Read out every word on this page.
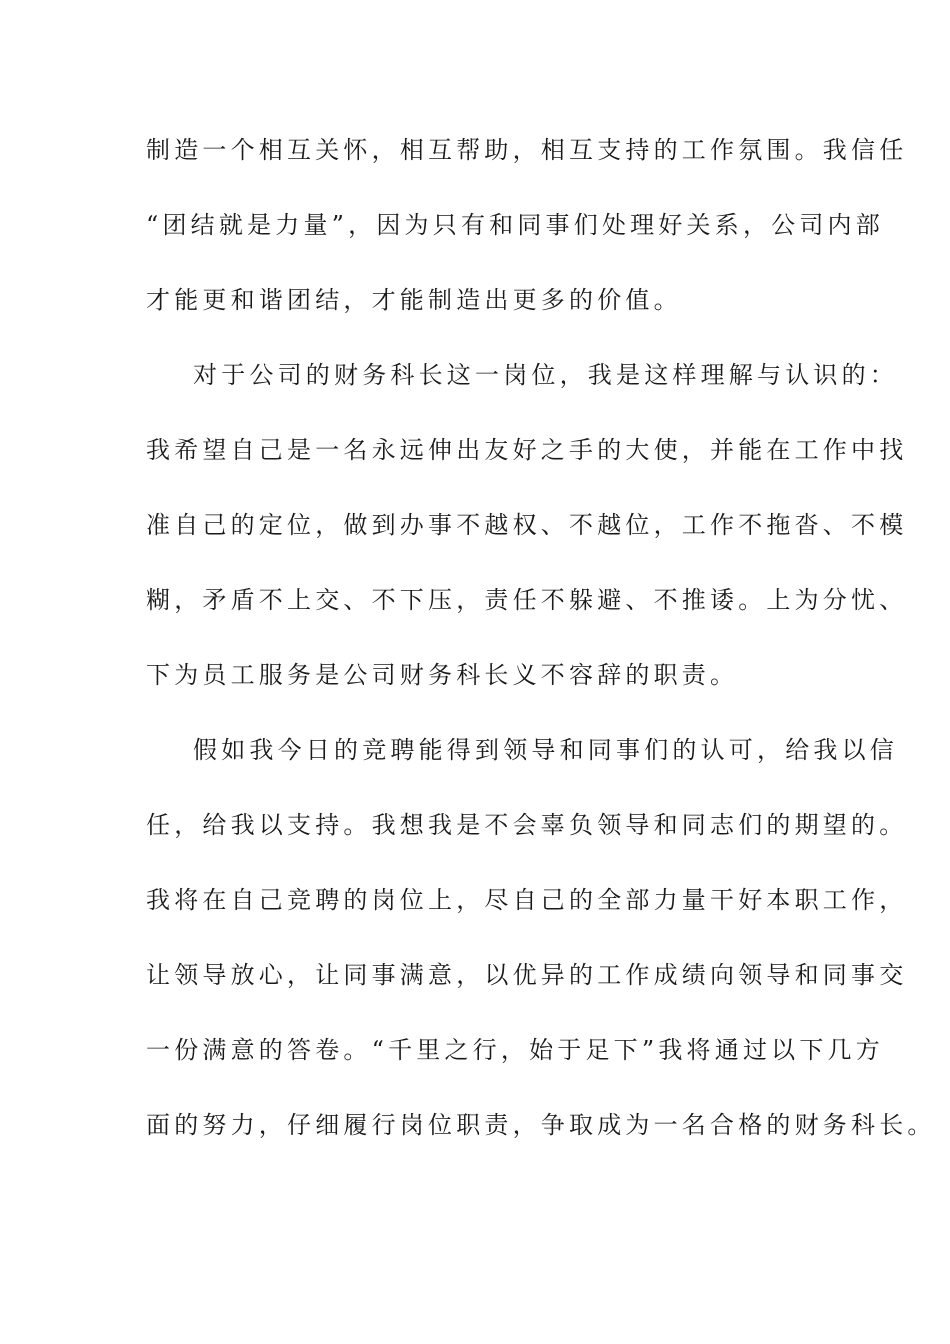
制造一个相互关怀，相互帮助，相互支持的工作氛围。我信任
“团结就是力量”，因为只有和同事们处理好关系，公司内部
才能更和谐团结，才能制造出更多的价值。
对于公司的财务科长这一岗位，我是这样理解与认识的：
我希望自己是一名永远伸出友好之手的大使，并能在工作中找
准自己的定位，做到办事不越权、不越位，工作不拖沓、不模
糊，矛盾不上交、不下压，责任不躲避、不推诿。上为分忧、
下为员工服务是公司财务科长义不容辞的职责。
假如我今日的竞聘能得到领导和同事们的认可，给我以信
任，给我以支持。我想我是不会辜负领导和同志们的期望的。
我将在自己竞聘的岗位上，尽自己的全部力量干好本职工作，
让领导放心，让同事满意，以优异的工作成绩向领导和同事交
一份满意的答卷。“千里之行，始于足下”我将通过以下几方
面的努力，仔细履行岗位职责，争取成为一名合格的财务科长。
